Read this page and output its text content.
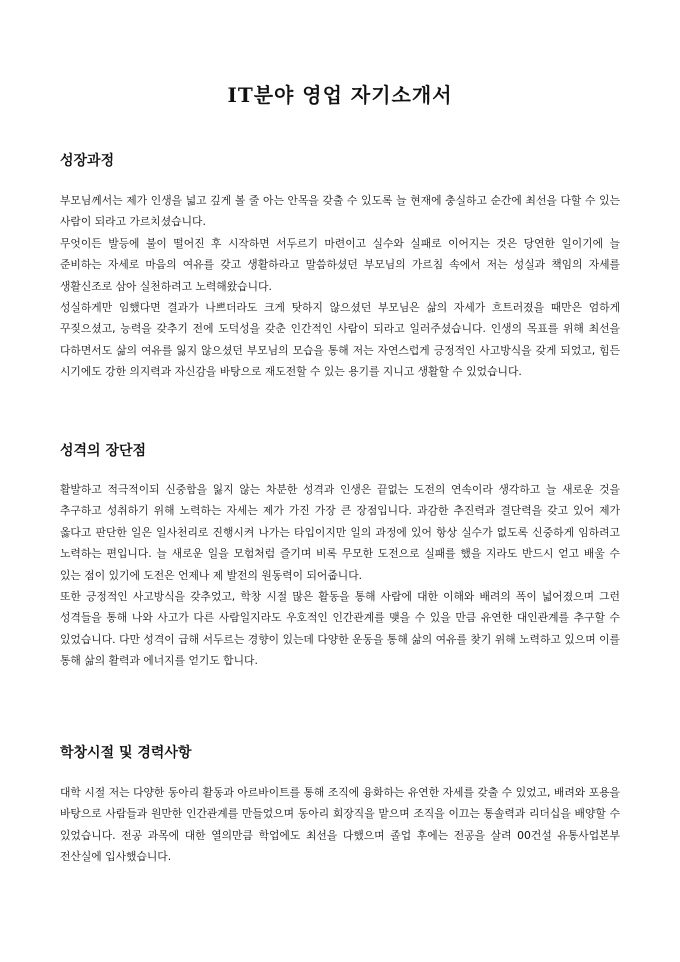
IT분야 영업 자기소개서
성장과정
부모님께서는 제가 인생을 넓고 깊게 볼 줄 아는 안목을 갖출 수 있도록 늘 현재에 충실하고 순간에 최선을 다할 수 있는 사람이 되라고 가르치셨습니다.
무엇이든 발등에 불이 떨어진 후 시작하면 서두르기 마련이고 실수와 실패로 이어지는 것은 당연한 일이기에 늘 준비하는 자세로 마음의 여유를 갖고 생활하라고 말씀하셨던 부모님의 가르침 속에서 저는 성실과 책임의 자세를 생활신조로 삼아 실천하려고 노력해왔습니다.
성실하게만 임했다면 결과가 나쁘더라도 크게 탓하지 않으셨던 부모님은 삶의 자세가 흐트러졌을 때만은 엄하게 꾸짖으셨고, 능력을 갖추기 전에 도덕성을 갖춘 인간적인 사람이 되라고 일러주셨습니다. 인생의 목표를 위해 최선을 다하면서도 삶의 여유를 잃지 않으셨던 부모님의 모습을 통해 저는 자연스럽게 긍정적인 사고방식을 갖게 되었고, 힘든 시기에도 강한 의지력과 자신감을 바탕으로 재도전할 수 있는 용기를 지니고 생활할 수 있었습니다.
성격의 장단점
활발하고 적극적이되 신중함을 잃지 않는 차분한 성격과 인생은 끝없는 도전의 연속이라 생각하고 늘 새로운 것을 추구하고 성취하기 위해 노력하는 자세는 제가 가진 가장 큰 장점입니다. 과감한 추진력과 결단력을 갖고 있어 제가 옳다고 판단한 일은 일사천리로 진행시켜 나가는 타입이지만 일의 과정에 있어 항상 실수가 없도록 신중하게 임하려고 노력하는 편입니다. 늘 새로운 일을 모험처럼 즐기며 비록 무모한 도전으로 실패를 했을 지라도 반드시 얻고 배울 수 있는 점이 있기에 도전은 언제나 제 발전의 원동력이 되어줍니다.
또한 긍정적인 사고방식을 갖추었고, 학창 시절 많은 활동을 통해 사람에 대한 이해와 배려의 폭이 넓어졌으며 그런 성격들을 통해 나와 사고가 다른 사람일지라도 우호적인 인간관계를 맺을 수 있을 만큼 유연한 대인관계를 추구할 수 있었습니다. 다만 성격이 급해 서두르는 경향이 있는데 다양한 운동을 통해 삶의 여유를 찾기 위해 노력하고 있으며 이를 통해 삶의 활력과 에너지를 얻기도 합니다.
학창시절 및 경력사항
대학 시절 저는 다양한 동아리 활동과 아르바이트를 통해 조직에 융화하는 유연한 자세를 갖출 수 있었고, 배려와 포용을 바탕으로 사람들과 원만한 인간관계를 만들었으며 동아리 회장직을 맡으며 조직을 이끄는 통솔력과 리더십을 배양할 수 있었습니다. 전공 과목에 대한 열의만큼 학업에도 최선을 다했으며 졸업 후에는 전공을 살려 00건설 유통사업본부 전산실에 입사했습니다.
